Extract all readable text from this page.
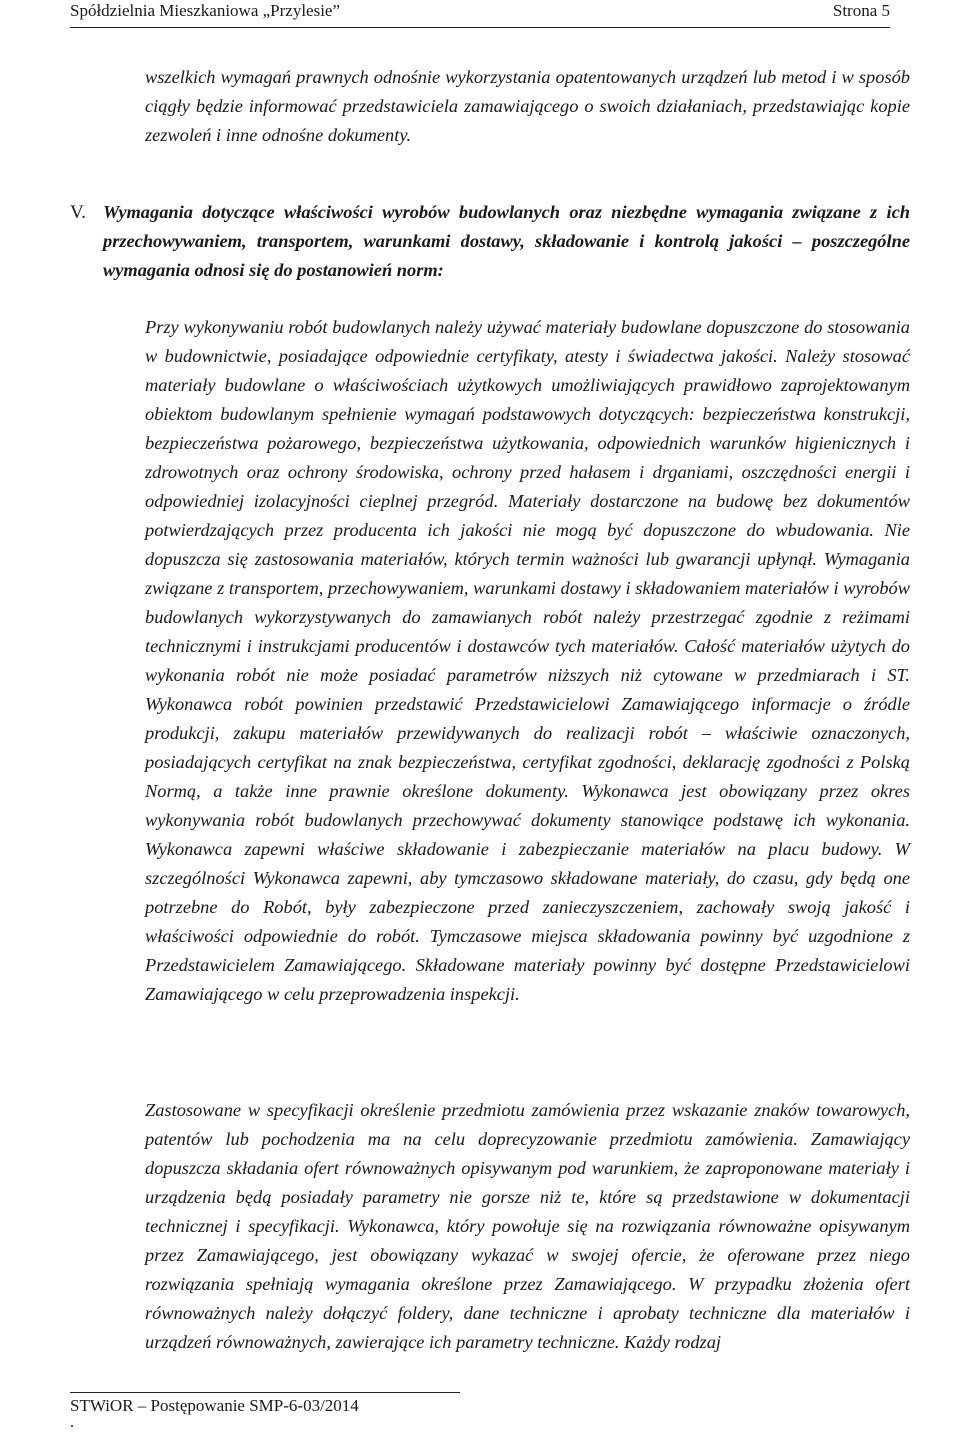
Spółdzielnia Mieszkaniowa „Przylesie”	Strona 5

wszelkich wymagań prawnych odnośnie wykorzystania opatentowanych urządzeń lub metod i w sposób ciągły będzie informować przedstawiciela zamawiającego o swoich działaniach, przedstawiając kopie zezwoleń i inne odnośne dokumenty.

V. Wymagania dotyczące właściwości wyrobów budowlanych oraz niezbędne wymagania związane z ich przechowywaniem, transportem, warunkami dostawy, składowanie i kontrolą jakości – poszczególne wymagania odnosi się do postanowień norm:

Przy wykonywaniu robót budowlanych należy używać materiały budowlane dopuszczone do stosowania w budownictwie, posiadające odpowiednie certyfikaty, atesty i świadectwa jakości. Należy stosować materiały budowlane o właściwościach użytkowych umożliwiających prawidłowo zaprojektowanym obiektom budowlanym spełnienie wymagań podstawowych dotyczących: bezpieczeństwa konstrukcji, bezpieczeństwa pożarowego, bezpieczeństwa użytkowania, odpowiednich warunków higienicznych i zdrowotnych oraz ochrony środowiska, ochrony przed hałasem i drganiami, oszczędności energii i odpowiedniej izolacyjności cieplnej przegród. Materiały dostarczone na budowę bez dokumentów potwierdzających przez producenta ich jakości nie mogą być dopuszczone do wbudowania. Nie dopuszcza się zastosowania materiałów, których termin ważności lub gwarancji upłynął. Wymagania związane z transportem, przechowywaniem, warunkami dostawy i składowaniem materiałów i wyrobów budowlanych wykorzystywanych do zamawianych robót należy przestrzegać zgodnie z reżimami technicznymi i instrukcjami producentów i dostawców tych materiałów. Całość materiałów użytych do wykonania robót nie może posiadać parametrów niższych niż cytowane w przedmiarach i ST. Wykonawca robót powinien przedstawić Przedstawicielowi Zamawiającego informacje o źródle produkcji, zakupu materiałów przewidywanych do realizacji robót – właściwie oznaczonych, posiadających certyfikat na znak bezpieczeństwa, certyfikat zgodności, deklarację zgodności z Polską Normą, a także inne prawnie określone dokumenty. Wykonawca jest obowiązany przez okres wykonywania robót budowlanych przechowywać dokumenty stanowiące podstawę ich wykonania. Wykonawca zapewni właściwe składowanie i zabezpieczanie materiałów na placu budowy. W szczególności Wykonawca zapewni, aby tymczasowo składowane materiały, do czasu, gdy będą one potrzebne do Robót, były zabezpieczone przed zanieczyszczeniem, zachowały swoją jakość i właściwości odpowiednie do robót. Tymczasowe miejsca składowania powinny być uzgodnione z Przedstawicielem Zamawiającego. Składowane materiały powinny być dostępne Przedstawicielowi Zamawiającego w celu przeprowadzenia inspekcji.

Zastosowane w specyfikacji określenie przedmiotu zamówienia przez wskazanie znaków towarowych, patentów lub pochodzenia ma na celu doprecyzowanie przedmiotu zamówienia. Zamawiający dopuszcza składania ofert równoważnych opisywanym pod warunkiem, że zaproponowane materiały i urządzenia będą posiadały parametry nie gorsze niż te, które są przedstawione w dokumentacji technicznej i specyfikacji. Wykonawca, który powołuje się na rozwiązania równoważne opisywanym przez Zamawiającego, jest obowiązany wykazać w swojej ofercie, że oferowane przez niego rozwiązania spełniają wymagania określone przez Zamawiającego. W przypadku złożenia ofert równoważnych należy dołączyć foldery, dane techniczne i aprobaty techniczne dla materiałów i urządzeń równoważnych, zawierające ich parametry techniczne. Każdy rodzaj

STWiOR – Postępowanie SMP-6-03/2014
.
